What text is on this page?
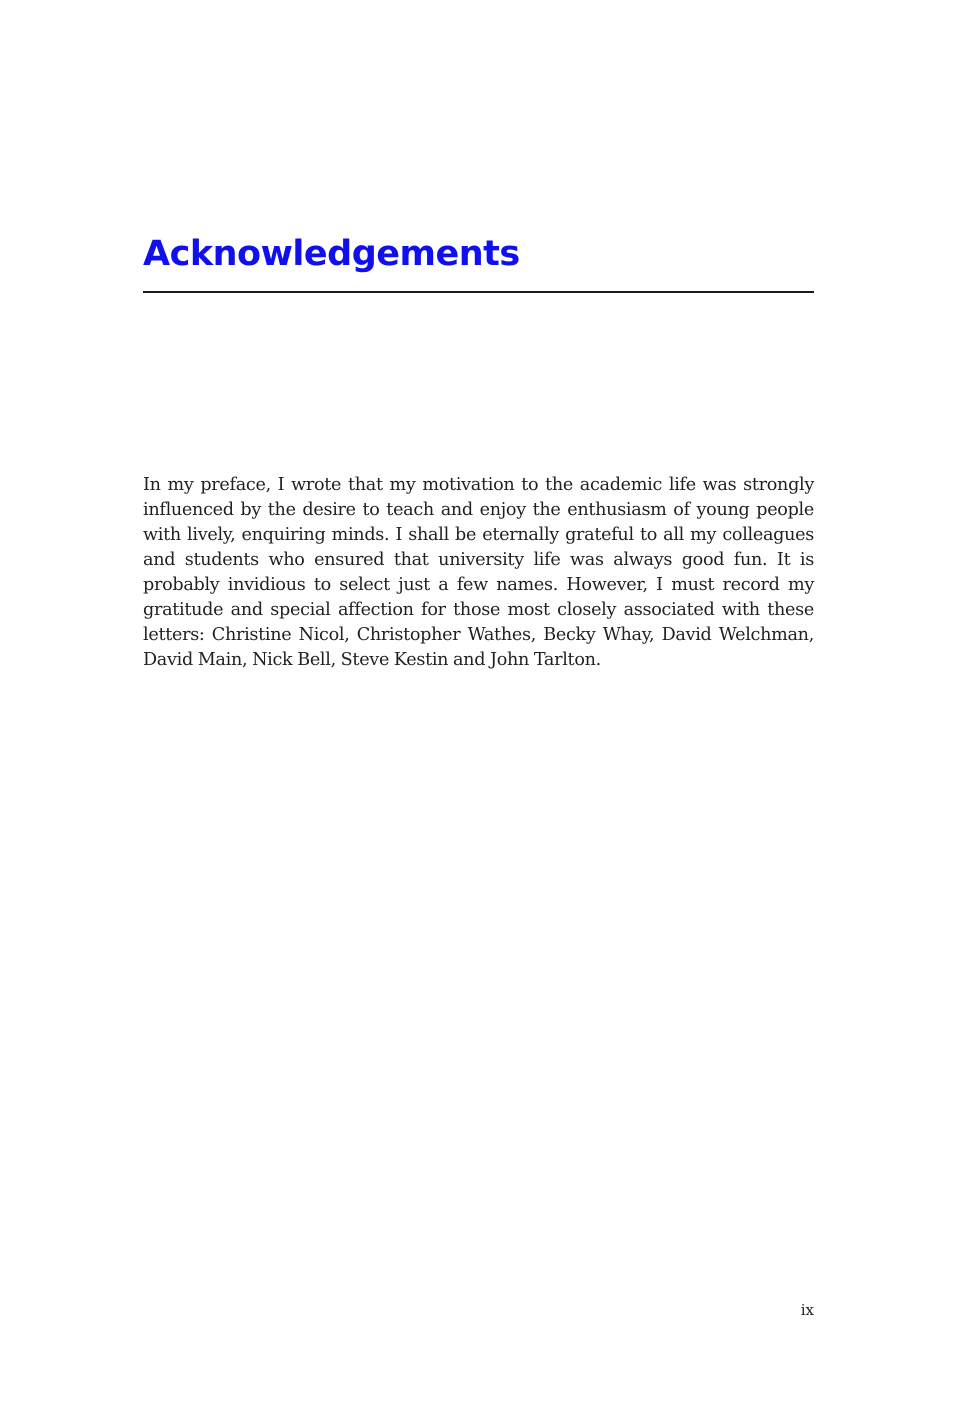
Acknowledgements

In my preface, I wrote that my motivation to the academic life was strongly influenced by the desire to teach and enjoy the enthusiasm of young people with lively, enquiring minds. I shall be eternally grateful to all my colleagues and students who ensured that university life was always good fun. It is probably invidious to select just a few names. However, I must record my gratitude and special affection for those most closely associated with these letters: Christine Nicol, Christopher Wathes, Becky Whay, David Welchman, David Main, Nick Bell, Steve Kestin and John Tarlton.

ix
